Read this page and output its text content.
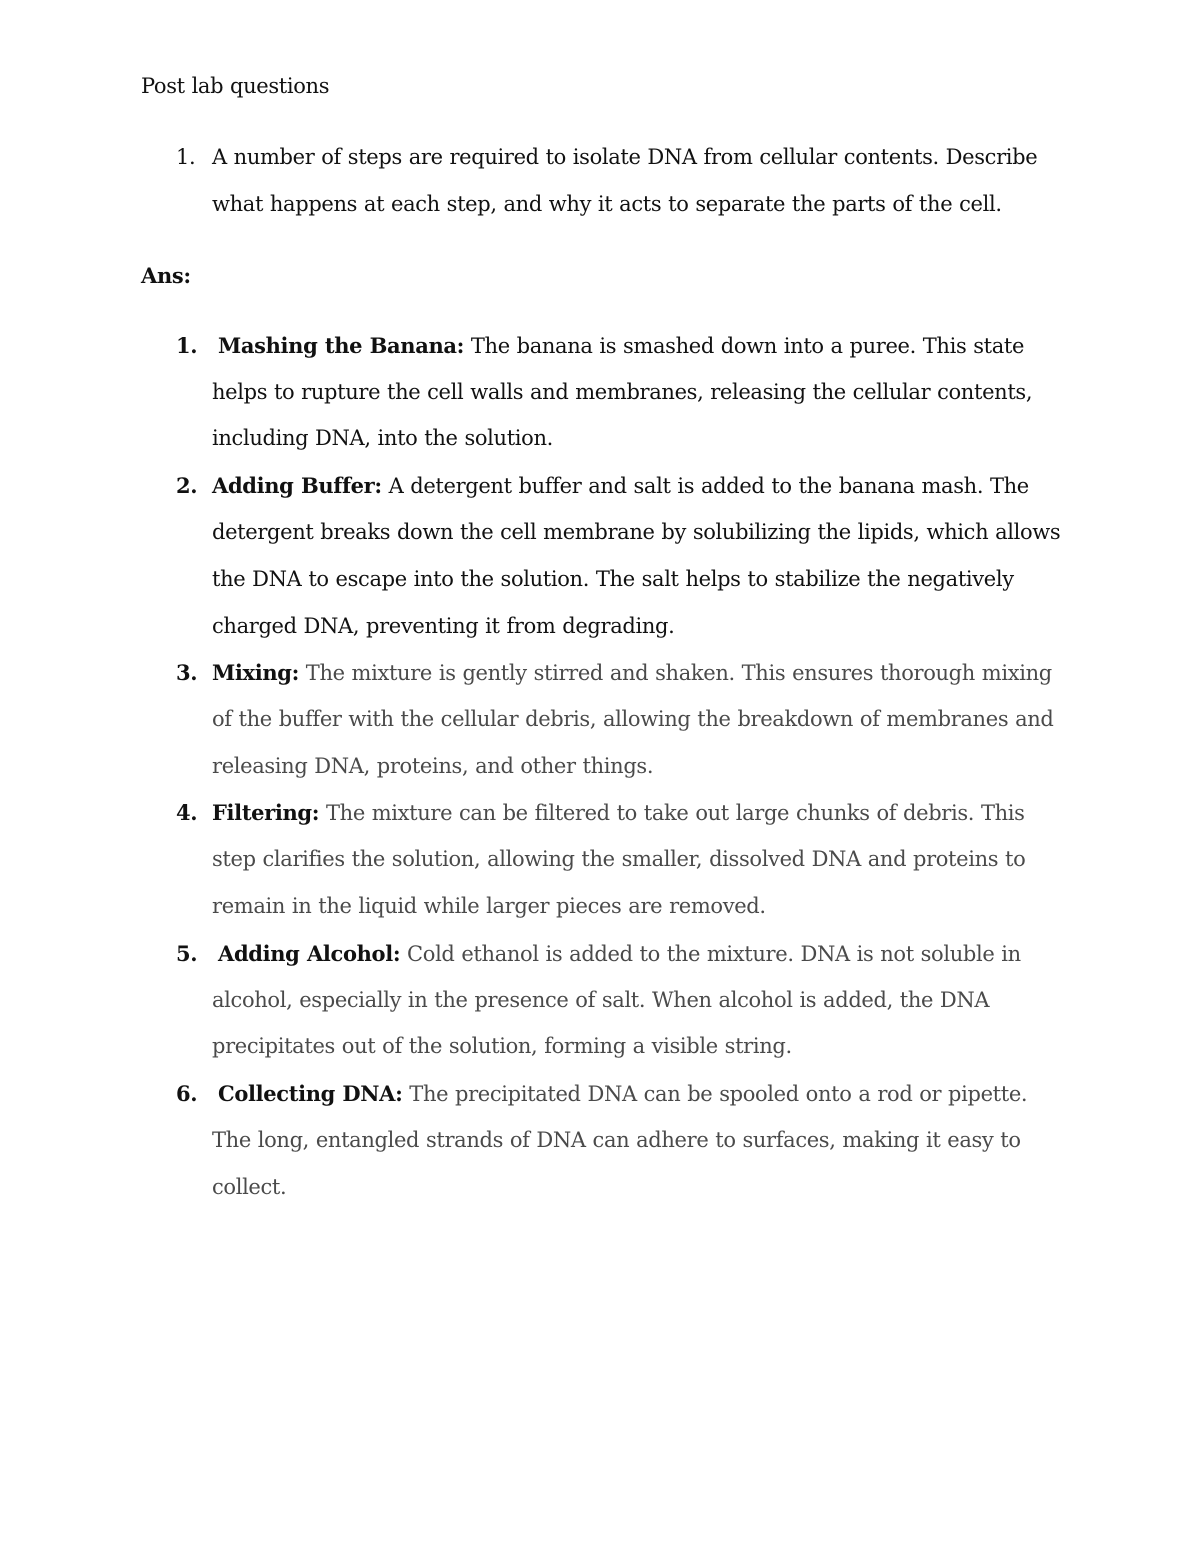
Post lab questions
1. A number of steps are required to isolate DNA from cellular contents. Describe
what happens at each step, and why it acts to separate the parts of the cell.
Ans:
1. Mashing the Banana: The banana is smashed down into a puree. This state
helps to rupture the cell walls and membranes, releasing the cellular contents,
including DNA, into the solution.
2. Adding Buffer: A detergent buffer and salt is added to the banana mash. The
detergent breaks down the cell membrane by solubilizing the lipids, which allows
the DNA to escape into the solution. The salt helps to stabilize the negatively
charged DNA, preventing it from degrading.
3. Mixing: The mixture is gently stirred and shaken. This ensures thorough mixing
of the buffer with the cellular debris, allowing the breakdown of membranes and
releasing DNA, proteins, and other things.
4. Filtering: The mixture can be filtered to take out large chunks of debris. This
step clarifies the solution, allowing the smaller, dissolved DNA and proteins to
remain in the liquid while larger pieces are removed.
5. Adding Alcohol: Cold ethanol is added to the mixture. DNA is not soluble in
alcohol, especially in the presence of salt. When alcohol is added, the DNA
precipitates out of the solution, forming a visible string.
6. Collecting DNA: The precipitated DNA can be spooled onto a rod or pipette.
The long, entangled strands of DNA can adhere to surfaces, making it easy to
collect.
